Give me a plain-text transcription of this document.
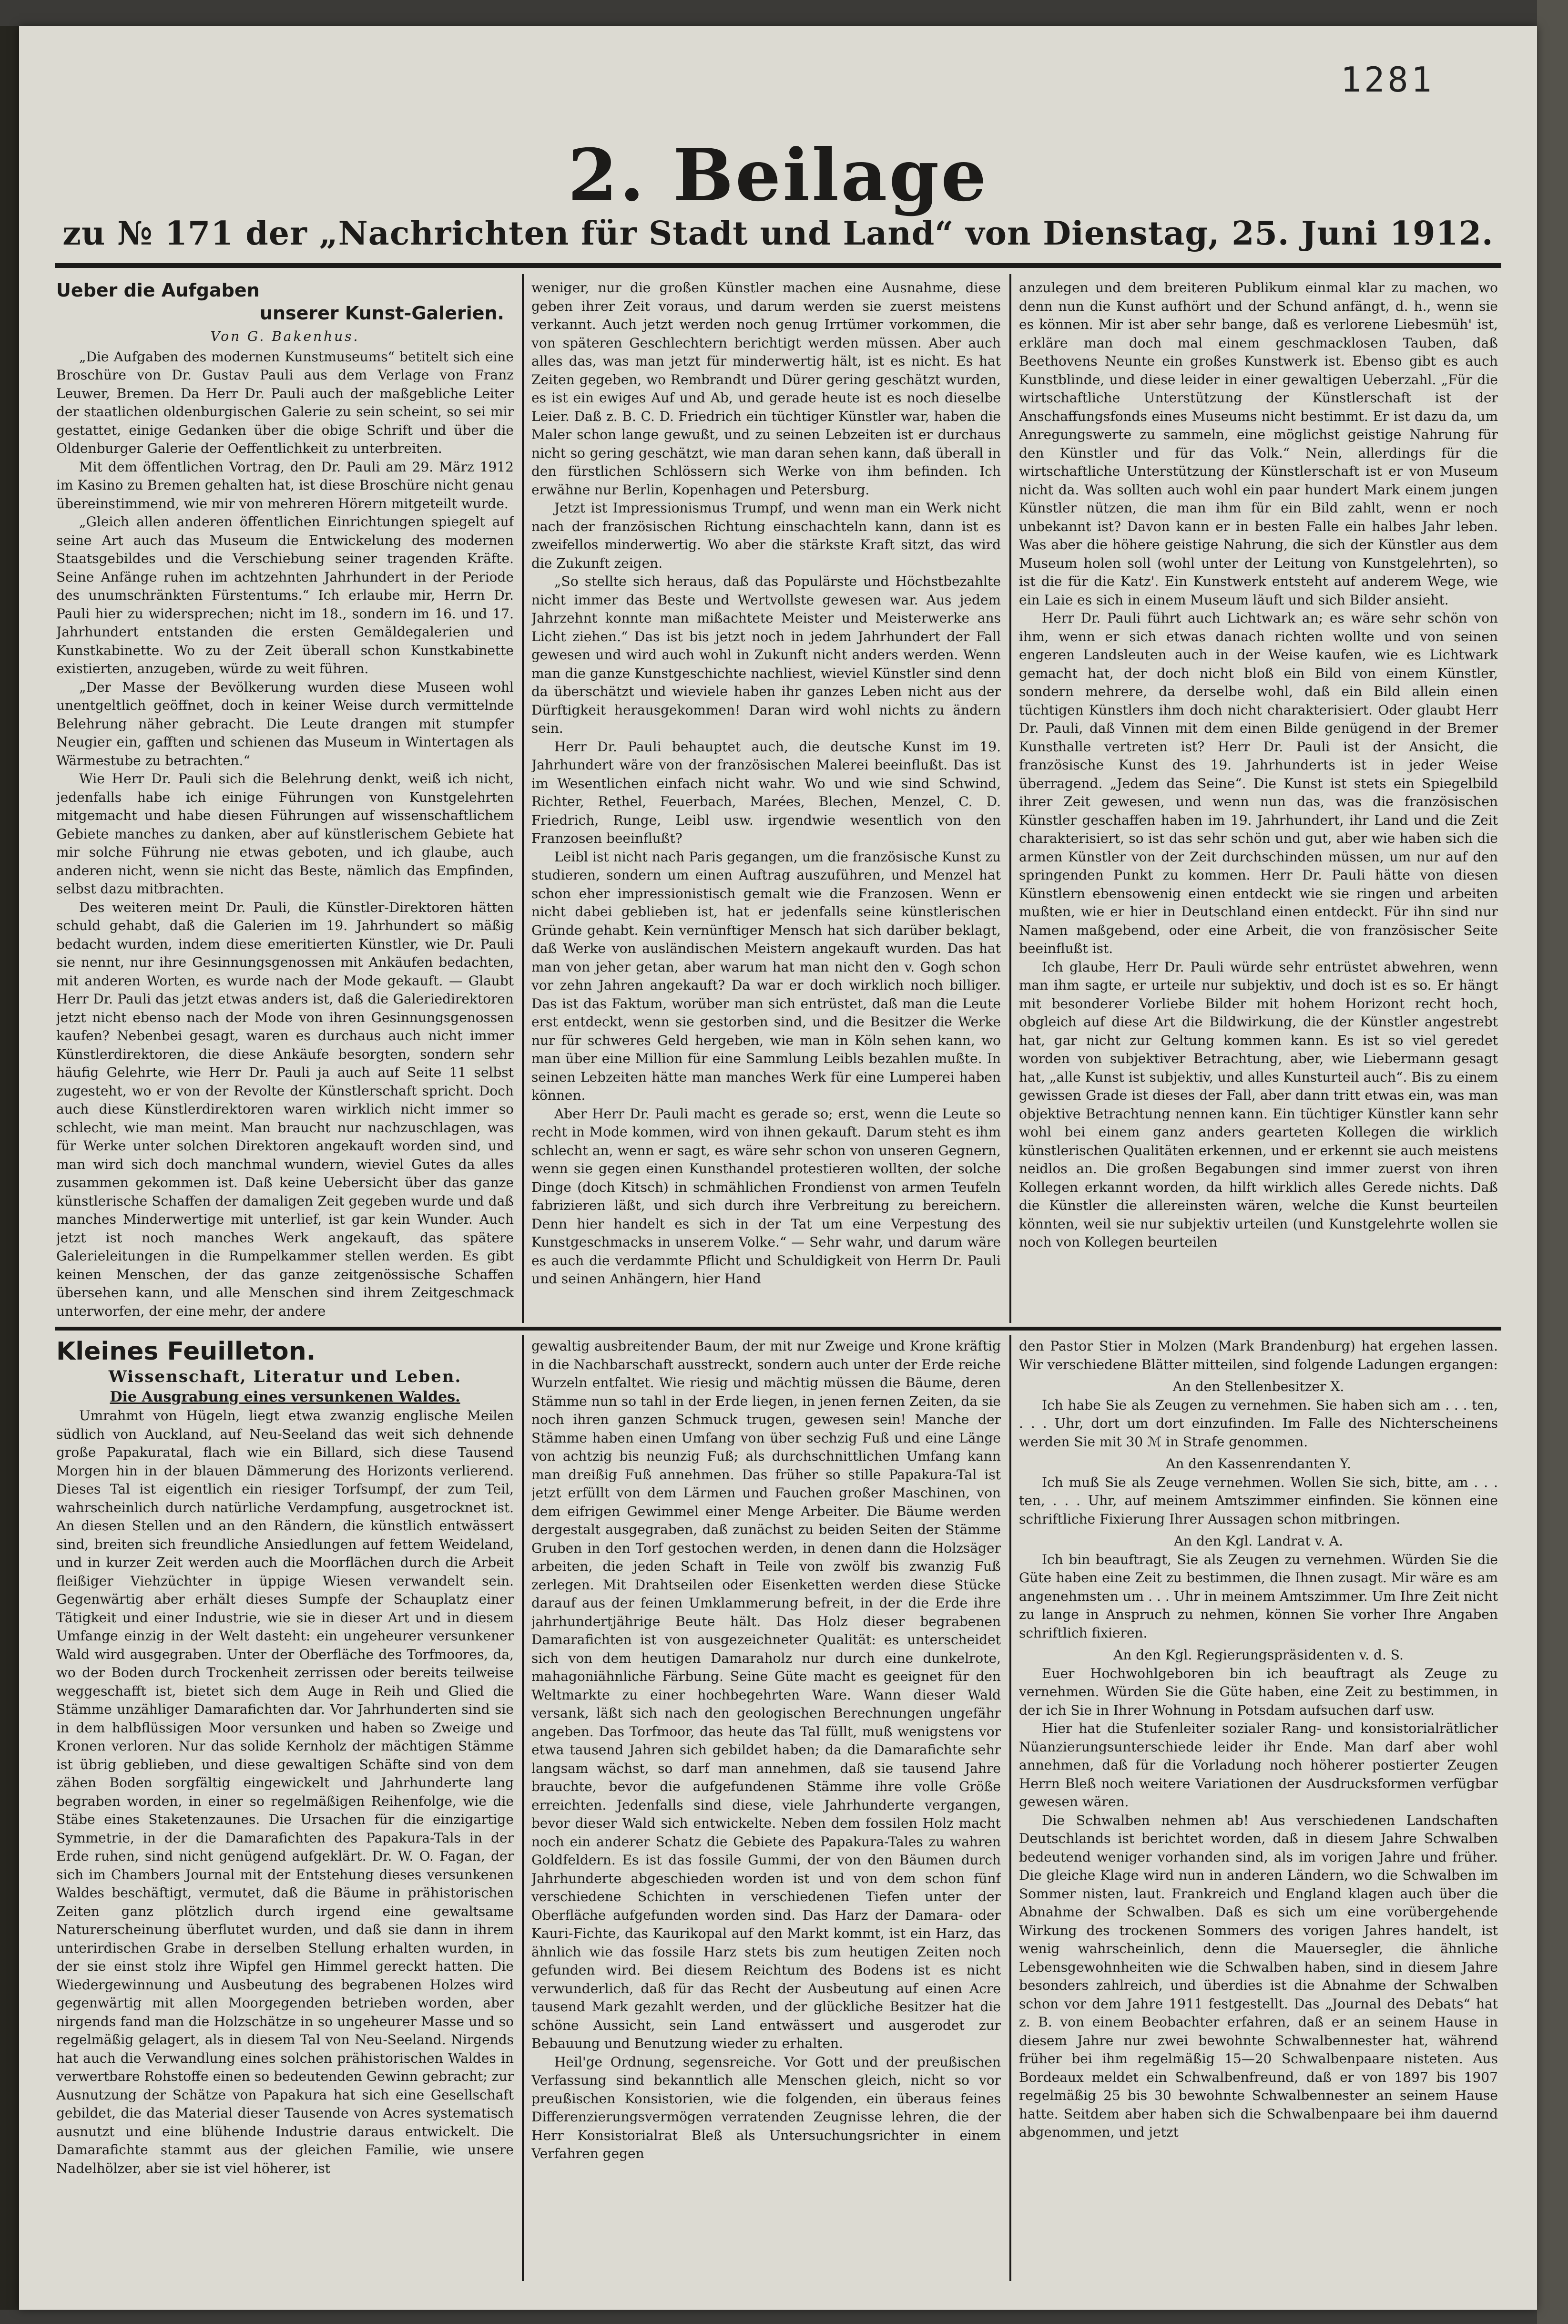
1281
2. Beilage
zu № 171 der „Nachrichten für Stadt und Land“ von Dienstag, 25. Juni 1912.
Ueber die Aufgaben
unserer Kunst-Galerien.
Von G. Bakenhus.

„Die Aufgaben des modernen Kunstmuseums“ betitelt sich eine Broschüre von Dr. Gustav Pauli aus dem Verlage von Franz Leuwer, Bremen. Da Herr Dr. Pauli auch der maßgebliche Leiter der staatlichen oldenburgischen Galerie zu sein scheint, so sei mir gestattet, einige Gedanken über die obige Schrift und über die Oldenburger Galerie der Oeffentlichkeit zu unterbreiten.

Mit dem öffentlichen Vortrag, den Dr. Pauli am 29. März 1912 im Kasino zu Bremen gehalten hat, ist diese Broschüre nicht genau übereinstimmend, wie mir von mehreren Hörern mitgeteilt wurde.

„Gleich allen anderen öffentlichen Einrichtungen spiegelt auf seine Art auch das Museum die Entwickelung des modernen Staatsgebildes und die Verschiebung seiner tragenden Kräfte. Seine Anfänge ruhen im achtzehnten Jahrhundert in der Periode des unumschränkten Fürstentums.“ Ich erlaube mir, Herrn Dr. Pauli hier zu widersprechen; nicht im 18., sondern im 16. und 17. Jahrhundert entstanden die ersten Gemäldegalerien und Kunstkabinette. Wo zu der Zeit überall schon Kunstkabinette existierten, anzugeben, würde zu weit führen.

„Der Masse der Bevölkerung wurden diese Museen wohl unentgeltlich geöffnet, doch in keiner Weise durch vermittelnde Belehrung näher gebracht. Die Leute drangen mit stumpfer Neugier ein, gafften und schienen das Museum in Wintertagen als Wärmestube zu betrachten.“

Wie Herr Dr. Pauli sich die Belehrung denkt, weiß ich nicht, jedenfalls habe ich einige Führungen von Kunstgelehrten mitgemacht und habe diesen Führungen auf wissenschaftlichem Gebiete manches zu danken, aber auf künstlerischem Gebiete hat mir solche Führung nie etwas geboten, und ich glaube, auch anderen nicht, wenn sie nicht das Beste, nämlich das Empfinden, selbst dazu mitbrachten.

Des weiteren meint Dr. Pauli, die Künstler-Direktoren hätten schuld gehabt, daß die Galerien im 19. Jahrhundert so mäßig bedacht wurden, indem diese emeritierten Künstler, wie Dr. Pauli sie nennt, nur ihre Gesinnungsgenossen mit Ankäufen bedachten, mit anderen Worten, es wurde nach der Mode gekauft. — Glaubt Herr Dr. Pauli das jetzt etwas anders ist, daß die Galeriedirektoren jetzt nicht ebenso nach der Mode von ihren Gesinnungsgenossen kaufen? Nebenbei gesagt, waren es durchaus auch nicht immer Künstlerdirektoren, die diese Ankäufe besorgten, sondern sehr häufig Gelehrte, wie Herr Dr. Pauli ja auch auf Seite 11 selbst zugesteht, wo er von der Revolte der Künstlerschaft spricht. Doch auch diese Künstlerdirektoren waren wirklich nicht immer so schlecht, wie man meint. Man braucht nur nachzuschlagen, was für Werke unter solchen Direktoren angekauft worden sind, und man wird sich doch manchmal wundern, wieviel Gutes da alles zusammen gekommen ist. Daß keine Uebersicht über das ganze künstlerische Schaffen der damaligen Zeit gegeben wurde und daß manches Minderwertige mit unterlief, ist gar kein Wunder. Auch jetzt ist noch manches Werk angekauft, das spätere Galerieleitungen in die Rumpelkammer stellen werden. Es gibt keinen Menschen, der das ganze zeitgenössische Schaffen übersehen kann, und alle Menschen sind ihrem Zeitgeschmack unterworfen, der eine mehr, der andere

weniger, nur die großen Künstler machen eine Ausnahme, diese geben ihrer Zeit voraus, und darum werden sie zuerst meistens verkannt. Auch jetzt werden noch genug Irrtümer vorkommen, die von späteren Geschlechtern berichtigt werden müssen. Aber auch alles das, was man jetzt für minderwertig hält, ist es nicht. Es hat Zeiten gegeben, wo Rembrandt und Dürer gering geschätzt wurden, es ist ein ewiges Auf und Ab, und gerade heute ist es noch dieselbe Leier. Daß z. B. C. D. Friedrich ein tüchtiger Künstler war, haben die Maler schon lange gewußt, und zu seinen Lebzeiten ist er durchaus nicht so gering geschätzt, wie man daran sehen kann, daß überall in den fürstlichen Schlössern sich Werke von ihm befinden. Ich erwähne nur Berlin, Kopenhagen und Petersburg.

Jetzt ist Impressionismus Trumpf, und wenn man ein Werk nicht nach der französischen Richtung einschachteln kann, dann ist es zweifellos minderwertig. Wo aber die stärkste Kraft sitzt, das wird die Zukunft zeigen.

„So stellte sich heraus, daß das Populärste und Höchstbezahlte nicht immer das Beste und Wertvollste gewesen war. Aus jedem Jahrzehnt konnte man mißachtete Meister und Meisterwerke ans Licht ziehen.“ Das ist bis jetzt noch in jedem Jahrhundert der Fall gewesen und wird auch wohl in Zukunft nicht anders werden. Wenn man die ganze Kunstgeschichte nachliest, wieviel Künstler sind denn da überschätzt und wieviele haben ihr ganzes Leben nicht aus der Dürftigkeit herausgekommen! Daran wird wohl nichts zu ändern sein.

Herr Dr. Pauli behauptet auch, die deutsche Kunst im 19. Jahrhundert wäre von der französischen Malerei beeinflußt. Das ist im Wesentlichen einfach nicht wahr. Wo und wie sind Schwind, Richter, Rethel, Feuerbach, Marées, Blechen, Menzel, C. D. Friedrich, Runge, Leibl usw. irgendwie wesentlich von den Franzosen beeinflußt?

Leibl ist nicht nach Paris gegangen, um die französische Kunst zu studieren, sondern um einen Auftrag auszuführen, und Menzel hat schon eher impressionistisch gemalt wie die Franzosen. Wenn er nicht dabei geblieben ist, hat er jedenfalls seine künstlerischen Gründe gehabt. Kein vernünftiger Mensch hat sich darüber beklagt, daß Werke von ausländischen Meistern angekauft wurden. Das hat man von jeher getan, aber warum hat man nicht den v. Gogh schon vor zehn Jahren angekauft? Da war er doch wirklich noch billiger. Das ist das Faktum, worüber man sich entrüstet, daß man die Leute erst entdeckt, wenn sie gestorben sind, und die Besitzer die Werke nur für schweres Geld hergeben, wie man in Köln sehen kann, wo man über eine Million für eine Sammlung Leibls bezahlen mußte. In seinen Lebzeiten hätte man manches Werk für eine Lumperei haben können.

Aber Herr Dr. Pauli macht es gerade so; erst, wenn die Leute so recht in Mode kommen, wird von ihnen gekauft. Darum steht es ihm schlecht an, wenn er sagt, es wäre sehr schon von unseren Gegnern, wenn sie gegen einen Kunsthandel protestieren wollten, der solche Dinge (doch Kitsch) in schmählichen Frondienst von armen Teufeln fabrizieren läßt, und sich durch ihre Verbreitung zu bereichern. Denn hier handelt es sich in der Tat um eine Verpestung des Kunstgeschmacks in unserem Volke.“ — Sehr wahr, und darum wäre es auch die verdammte Pflicht und Schuldigkeit von Herrn Dr. Pauli und seinen Anhängern, hier Hand

anzulegen und dem breiteren Publikum einmal klar zu machen, wo denn nun die Kunst aufhört und der Schund anfängt, d. h., wenn sie es können. Mir ist aber sehr bange, daß es verlorene Liebesmüh' ist, erkläre man doch mal einem geschmacklosen Tauben, daß Beethovens Neunte ein großes Kunstwerk ist. Ebenso gibt es auch Kunstblinde, und diese leider in einer gewaltigen Ueberzahl. „Für die wirtschaftliche Unterstützung der Künstlerschaft ist der Anschaffungsfonds eines Museums nicht bestimmt. Er ist dazu da, um Anregungswerte zu sammeln, eine möglichst geistige Nahrung für den Künstler und für das Volk.“ Nein, allerdings für die wirtschaftliche Unterstützung der Künstlerschaft ist er von Museum nicht da. Was sollten auch wohl ein paar hundert Mark einem jungen Künstler nützen, die man ihm für ein Bild zahlt, wenn er noch unbekannt ist? Davon kann er in besten Falle ein halbes Jahr leben. Was aber die höhere geistige Nahrung, die sich der Künstler aus dem Museum holen soll (wohl unter der Leitung von Kunstgelehrten), so ist die für die Katz'. Ein Kunstwerk entsteht auf anderem Wege, wie ein Laie es sich in einem Museum läuft und sich Bilder ansieht.

Herr Dr. Pauli führt auch Lichtwark an; es wäre sehr schön von ihm, wenn er sich etwas danach richten wollte und von seinen engeren Landsleuten auch in der Weise kaufen, wie es Lichtwark gemacht hat, der doch nicht bloß ein Bild von einem Künstler, sondern mehrere, da derselbe wohl, daß ein Bild allein einen tüchtigen Künstlers ihm doch nicht charakterisiert. Oder glaubt Herr Dr. Pauli, daß Vinnen mit dem einen Bilde genügend in der Bremer Kunsthalle vertreten ist? Herr Dr. Pauli ist der Ansicht, die französische Kunst des 19. Jahrhunderts ist in jeder Weise überragend. „Jedem das Seine“. Die Kunst ist stets ein Spiegelbild ihrer Zeit gewesen, und wenn nun das, was die französischen Künstler geschaffen haben im 19. Jahrhundert, ihr Land und die Zeit charakterisiert, so ist das sehr schön und gut, aber wie haben sich die armen Künstler von der Zeit durchschinden müssen, um nur auf den springenden Punkt zu kommen. Herr Dr. Pauli hätte von diesen Künstlern ebensowenig einen entdeckt wie sie ringen und arbeiten mußten, wie er hier in Deutschland einen entdeckt. Für ihn sind nur Namen maßgebend, oder eine Arbeit, die von französischer Seite beeinflußt ist.

Ich glaube, Herr Dr. Pauli würde sehr entrüstet abwehren, wenn man ihm sagte, er urteile nur subjektiv, und doch ist es so. Er hängt mit besonderer Vorliebe Bilder mit hohem Horizont recht hoch, obgleich auf diese Art die Bildwirkung, die der Künstler angestrebt hat, gar nicht zur Geltung kommen kann. Es ist so viel geredet worden von subjektiver Betrachtung, aber, wie Liebermann gesagt hat, „alle Kunst ist subjektiv, und alles Kunsturteil auch“. Bis zu einem gewissen Grade ist dieses der Fall, aber dann tritt etwas ein, was man objektive Betrachtung nennen kann. Ein tüchtiger Künstler kann sehr wohl bei einem ganz anders gearteten Kollegen die wirklich künstlerischen Qualitäten erkennen, und er erkennt sie auch meistens neidlos an. Die großen Begabungen sind immer zuerst von ihren Kollegen erkannt worden, da hilft wirklich alles Gerede nichts. Daß die Künstler die allereinsten wären, welche die Kunst beurteilen könnten, weil sie nur subjektiv urteilen (und Kunstgelehrte wollen sie noch von Kollegen beurteilen

Kleines Feuilleton.
Wissenschaft, Literatur und Leben.
Die Ausgrabung eines versunkenen Waldes.

Umrahmt von Hügeln, liegt etwa zwanzig englische Meilen südlich von Auckland, auf Neu-Seeland das weit sich dehnende große Papakuratal, flach wie ein Billard, sich diese Tausend Morgen hin in der blauen Dämmerung des Horizonts verlierend. Dieses Tal ist eigentlich ein riesiger Torfsumpf, der zum Teil, wahrscheinlich durch natürliche Verdampfung, ausgetrocknet ist. An diesen Stellen und an den Rändern, die künstlich entwässert sind, breiten sich freundliche Ansiedlungen auf fettem Weideland, und in kurzer Zeit werden auch die Moorflächen durch die Arbeit fleißiger Viehzüchter in üppige Wiesen verwandelt sein. Gegenwärtig aber erhält dieses Sumpfe der Schauplatz einer Tätigkeit und einer Industrie, wie sie in dieser Art und in diesem Umfange einzig in der Welt dasteht: ein ungeheurer versunkener Wald wird ausgegraben. Unter der Oberfläche des Torfmoores, da, wo der Boden durch Trockenheit zerrissen oder bereits teilweise weggeschafft ist, bietet sich dem Auge in Reih und Glied die Stämme unzähliger Damarafichten dar. Vor Jahrhunderten sind sie in dem halbflüssigen Moor versunken und haben so Zweige und Kronen verloren. Nur das solide Kernholz der mächtigen Stämme ist übrig geblieben, und diese gewaltigen Schäfte sind von dem zähen Boden sorgfältig eingewickelt und Jahrhunderte lang begraben worden, in einer so regelmäßigen Reihenfolge, wie die Stäbe eines Staketenzaunes. Die Ursachen für die einzigartige Symmetrie, in der die Damarafichten des Papakura-Tals in der Erde ruhen, sind nicht genügend aufgeklärt. Dr. W. O. Fagan, der sich im Chambers Journal mit der Entstehung dieses versunkenen Waldes beschäftigt, vermutet, daß die Bäume in prähistorischen Zeiten ganz plötzlich durch irgend eine gewaltsame Naturerscheinung überflutet wurden, und daß sie dann in ihrem unterirdischen Grabe in derselben Stellung erhalten wurden, in der sie einst stolz ihre Wipfel gen Himmel gereckt hatten. Die Wiedergewinnung und Ausbeutung des begrabenen Holzes wird gegenwärtig mit allen Moorgegenden betrieben worden, aber nirgends fand man die Holzschätze in so ungeheurer Masse und so regelmäßig gelagert, als in diesem Tal von Neu-Seeland. Nirgends hat auch die Verwandlung eines solchen prähistorischen Waldes in verwertbare Rohstoffe einen so bedeutenden Gewinn gebracht; zur Ausnutzung der Schätze von Papakura hat sich eine Gesellschaft gebildet, die das Material dieser Tausende von Acres systematisch ausnutzt und eine blühende Industrie daraus entwickelt. Die Damarafichte stammt aus der gleichen Familie, wie unsere Nadelhölzer, aber sie ist viel höherer, ist

gewaltig ausbreitender Baum, der mit nur Zweige und Krone kräftig in die Nachbarschaft ausstreckt, sondern auch unter der Erde reiche Wurzeln entfaltet. Wie riesig und mächtig müssen die Bäume, deren Stämme nun so tahl in der Erde liegen, in jenen fernen Zeiten, da sie noch ihren ganzen Schmuck trugen, gewesen sein! Manche der Stämme haben einen Umfang von über sechzig Fuß und eine Länge von achtzig bis neunzig Fuß; als durchschnittlichen Umfang kann man dreißig Fuß annehmen. Das früher so stille Papakura-Tal ist jetzt erfüllt von dem Lärmen und Fauchen großer Maschinen, von dem eifrigen Gewimmel einer Menge Arbeiter. Die Bäume werden dergestalt ausgegraben, daß zunächst zu beiden Seiten der Stämme Gruben in den Torf gestochen werden, in denen dann die Holzsäger arbeiten, die jeden Schaft in Teile von zwölf bis zwanzig Fuß zerlegen. Mit Drahtseilen oder Eisenketten werden diese Stücke darauf aus der feinen Umklammerung befreit, in der die Erde ihre jahrhundertjährige Beute hält. Das Holz dieser begrabenen Damarafichten ist von ausgezeichneter Qualität: es unterscheidet sich von dem heutigen Damaraholz nur durch eine dunkelrote, mahagoniähnliche Färbung. Seine Güte macht es geeignet für den Weltmarkte zu einer hochbegehrten Ware. Wann dieser Wald versank, läßt sich nach den geologischen Berechnungen ungefähr angeben. Das Torfmoor, das heute das Tal füllt, muß wenigstens vor etwa tausend Jahren sich gebildet haben; da die Damarafichte sehr langsam wächst, so darf man annehmen, daß sie tausend Jahre brauchte, bevor die aufgefundenen Stämme ihre volle Größe erreichten. Jedenfalls sind diese, viele Jahrhunderte vergangen, bevor dieser Wald sich entwickelte. Neben dem fossilen Holz macht noch ein anderer Schatz die Gebiete des Papakura-Tales zu wahren Goldfeldern. Es ist das fossile Gummi, der von den Bäumen durch Jahrhunderte abgeschieden worden ist und von dem schon fünf verschiedene Schichten in verschiedenen Tiefen unter der Oberfläche aufgefunden worden sind. Das Harz der Damara- oder Kauri-Fichte, das Kaurikopal auf den Markt kommt, ist ein Harz, das ähnlich wie das fossile Harz stets bis zum heutigen Zeiten noch gefunden wird. Bei diesem Reichtum des Bodens ist es nicht verwunderlich, daß für das Recht der Ausbeutung auf einen Acre tausend Mark gezahlt werden, und der glückliche Besitzer hat die schöne Aussicht, sein Land entwässert und ausgerodet zur Bebauung und Benutzung wieder zu erhalten.

Heil'ge Ordnung, segensreiche. Vor Gott und der preußischen Verfassung sind bekanntlich alle Menschen gleich, nicht so vor preußischen Konsistorien, wie die folgenden, ein überaus feines Differenzierungsvermögen verratenden Zeugnisse lehren, die der Herr Konsistorialrat Bleß als Untersuchungsrichter in einem Verfahren gegen

den Pastor Stier in Molzen (Mark Brandenburg) hat ergehen lassen. Wir verschiedene Blätter mitteilen, sind folgende Ladungen ergangen:

An den Stellenbesitzer X.

Ich habe Sie als Zeugen zu vernehmen. Sie haben sich am . . . ten, . . . Uhr, dort um dort einzufinden. Im Falle des Nichterscheinens werden Sie mit 30 ℳ in Strafe genommen.

An den Kassenrendanten Y.

Ich muß Sie als Zeuge vernehmen. Wollen Sie sich, bitte, am . . . ten, . . . Uhr, auf meinem Amtszimmer einfinden. Sie können eine schriftliche Fixierung Ihrer Aussagen schon mitbringen.

An den Kgl. Landrat v. A.

Ich bin beauftragt, Sie als Zeugen zu vernehmen. Würden Sie die Güte haben eine Zeit zu bestimmen, die Ihnen zusagt. Mir wäre es am angenehmsten um . . . Uhr in meinem Amtszimmer. Um Ihre Zeit nicht zu lange in Anspruch zu nehmen, können Sie vorher Ihre Angaben schriftlich fixieren.

An den Kgl. Regierungspräsidenten v. d. S.

Euer Hochwohlgeboren bin ich beauftragt als Zeuge zu vernehmen. Würden Sie die Güte haben, eine Zeit zu bestimmen, in der ich Sie in Ihrer Wohnung in Potsdam aufsuchen darf usw.

Hier hat die Stufenleiter sozialer Rang- und konsistorialrätlicher Nüanzierungsunterschiede leider ihr Ende. Man darf aber wohl annehmen, daß für die Vorladung noch höherer postierter Zeugen Herrn Bleß noch weitere Variationen der Ausdrucksformen verfügbar gewesen wären.

Die Schwalben nehmen ab! Aus verschiedenen Landschaften Deutschlands ist berichtet worden, daß in diesem Jahre Schwalben bedeutend weniger vorhanden sind, als im vorigen Jahre und früher. Die gleiche Klage wird nun in anderen Ländern, wo die Schwalben im Sommer nisten, laut. Frankreich und England klagen auch über die Abnahme der Schwalben. Daß es sich um eine vorübergehende Wirkung des trockenen Sommers des vorigen Jahres handelt, ist wenig wahrscheinlich, denn die Mauersegler, die ähnliche Lebensgewohnheiten wie die Schwalben haben, sind in diesem Jahre besonders zahlreich, und überdies ist die Abnahme der Schwalben schon vor dem Jahre 1911 festgestellt. Das „Journal des Debats“ hat z. B. von einem Beobachter erfahren, daß er an seinem Hause in diesem Jahre nur zwei bewohnte Schwalbennester hat, während früher bei ihm regelmäßig 15—20 Schwalbenpaare nisteten. Aus Bordeaux meldet ein Schwalbenfreund, daß er von 1897 bis 1907 regelmäßig 25 bis 30 bewohnte Schwalbennester an seinem Hause hatte. Seitdem aber haben sich die Schwalbenpaare bei ihm dauernd abgenommen, und jetzt
